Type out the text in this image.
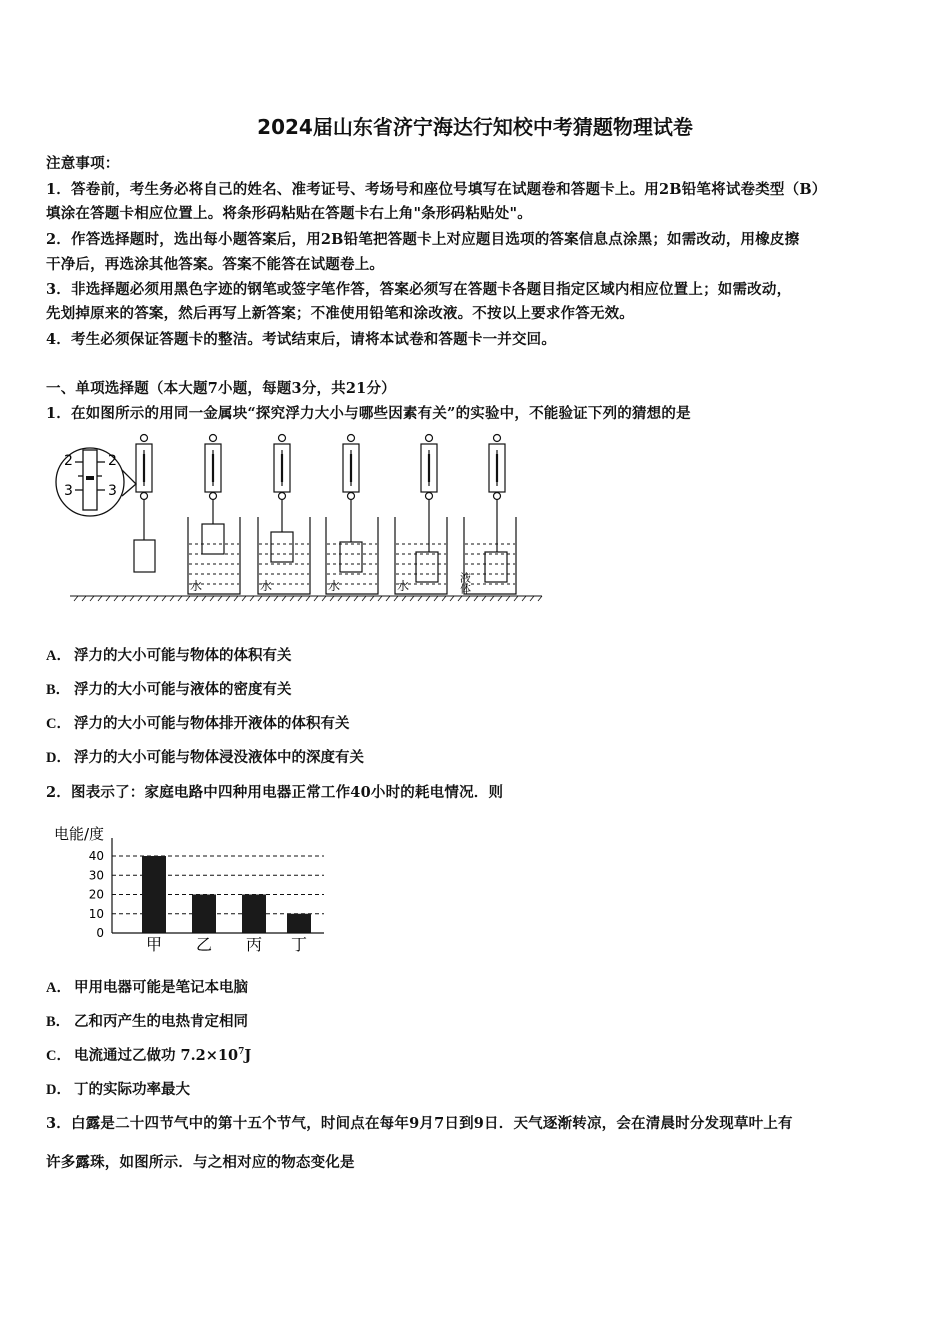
2024届山东省济宁海达行知校中考猜题物理试卷
注意事项：
1．答卷前，考生务必将自己的姓名、准考证号、考场号和座位号填写在试题卷和答题卡上。用2B铅笔将试卷类型（B）
填涂在答题卡相应位置上。将条形码粘贴在答题卡右上角"条形码粘贴处"。
2．作答选择题时，选出每小题答案后，用2B铅笔把答题卡上对应题目选项的答案信息点涂黑；如需改动，用橡皮擦
干净后，再选涂其他答案。答案不能答在试题卷上。
3．非选择题必须用黑色字迹的钢笔或签字笔作答，答案必须写在答题卡各题目指定区域内相应位置上；如需改动，
先划掉原来的答案，然后再写上新答案；不准使用铅笔和涂改液。不按以上要求作答无效。
4．考生必须保证答题卡的整洁。考试结束后，请将本试卷和答题卡一并交回。
一、单项选择题（本大题7小题，每题3分，共21分）
1．在如图所示的用同一金属块“探究浮力大小与哪些因素有关”的实验中，不能验证下列的猜想的是
2	2
3	3
水	水	水	水	液体
A． 浮力的大小可能与物体的体积有关
B． 浮力的大小可能与液体的密度有关
C． 浮力的大小可能与物体排开液体的体积有关
D． 浮力的大小可能与物体浸没液体中的深度有关
2．图表示了：家庭电路中四种用电器正常工作40小时的耗电情况．则
电能/度
0
10
20
30
40
甲 乙 丙 丁
A． 甲用电器可能是笔记本电脑
B． 乙和丙产生的电热肯定相同
C． 电流通过乙做功 $7.2\times 10^7J$
D． 丁的实际功率最大
3．白露是二十四节气中的第十五个节气，时间点在每年9月7日到9日．天气逐渐转凉，会在清晨时分发现草叶上有
许多露珠，如图所示．与之相对应的物态变化是
